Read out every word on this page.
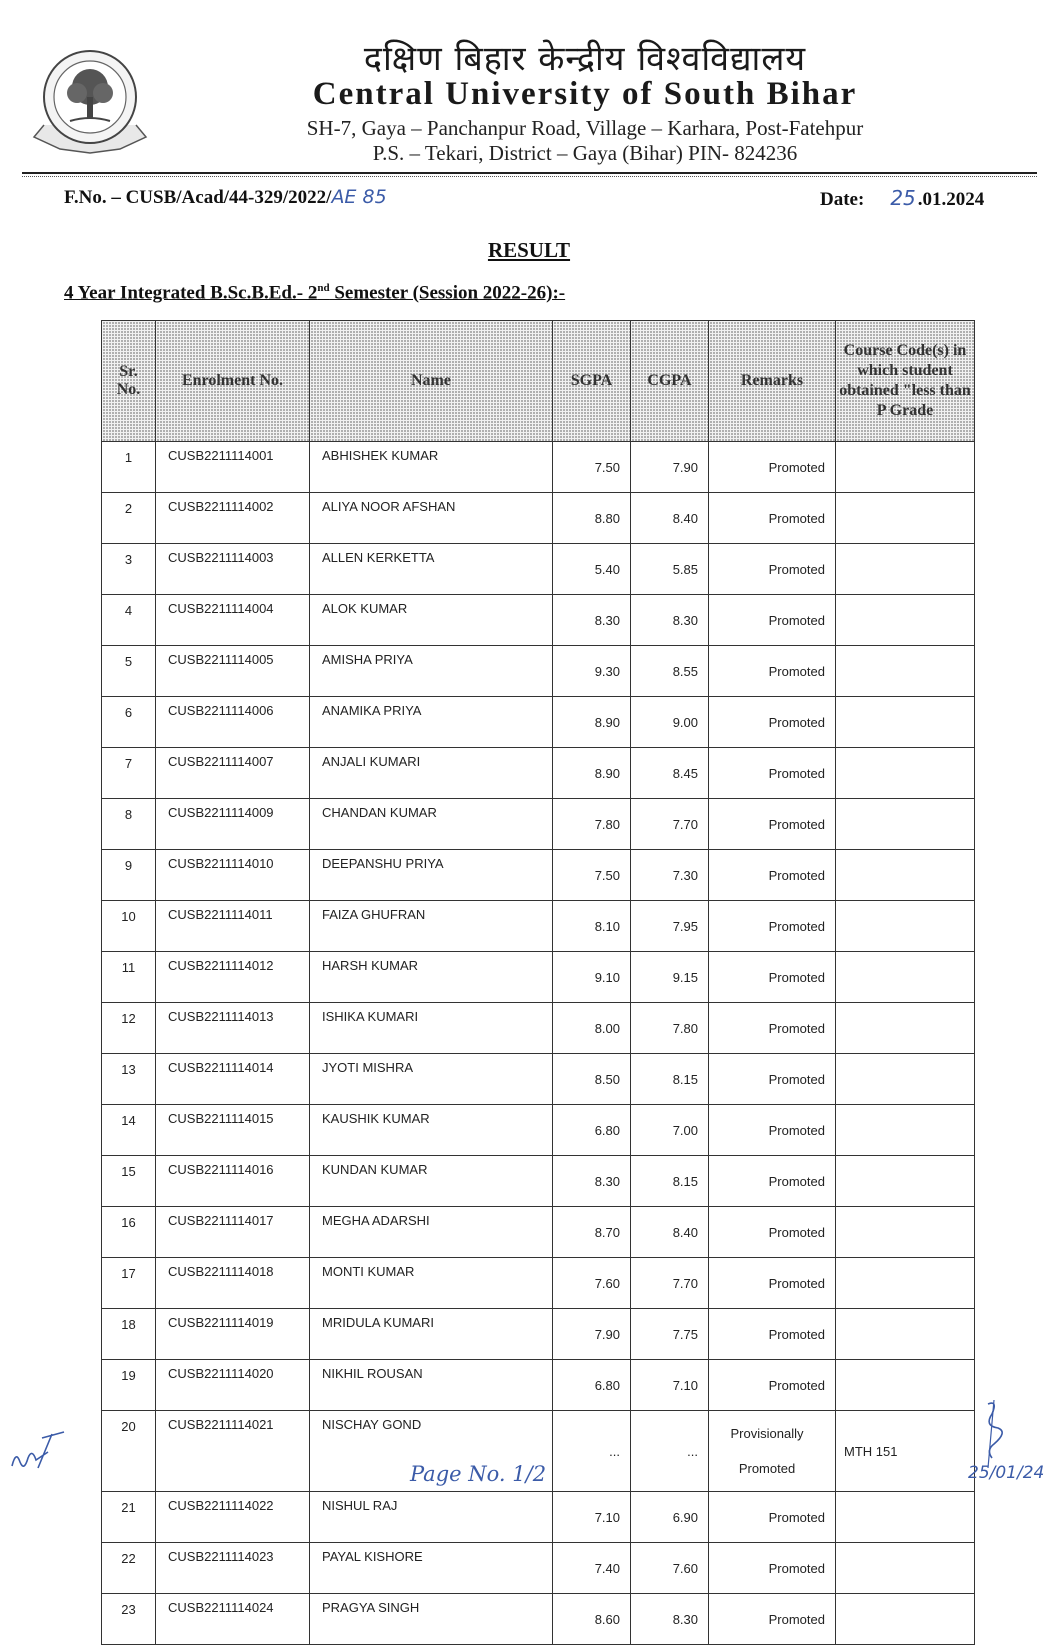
दक्षिण बिहार केन्द्रीय विश्वविद्यालय
Central University of South Bihar
SH-7, Gaya – Panchanpur Road, Village – Karhara, Post-Fatehpur
P.S. – Tekari, District – Gaya (Bihar) PIN- 824236
F.No. – CUSB/Acad/44-329/2022/AE 85	Date: 25 .01.2024
RESULT
4 Year Integrated B.Sc.B.Ed.- 2nd Semester (Session 2022-26):-
Sr.
No.	Enrolment No.	Name	SGPA	CGPA	Remarks	Course Code(s) in which student obtained "less than P Grade
1	CUSB2211114001	ABHISHEK KUMAR	7.50	7.90	Promoted	
2	CUSB2211114002	ALIYA NOOR AFSHAN	8.80	8.40	Promoted	
3	CUSB2211114003	ALLEN KERKETTA	5.40	5.85	Promoted	
4	CUSB2211114004	ALOK KUMAR	8.30	8.30	Promoted	
5	CUSB2211114005	AMISHA PRIYA	9.30	8.55	Promoted	
6	CUSB2211114006	ANAMIKA PRIYA	8.90	9.00	Promoted	
7	CUSB2211114007	ANJALI KUMARI	8.90	8.45	Promoted	
8	CUSB2211114009	CHANDAN KUMAR	7.80	7.70	Promoted	
9	CUSB2211114010	DEEPANSHU PRIYA	7.50	7.30	Promoted	
10	CUSB2211114011	FAIZA GHUFRAN	8.10	7.95	Promoted	
11	CUSB2211114012	HARSH KUMAR	9.10	9.15	Promoted	
12	CUSB2211114013	ISHIKA KUMARI	8.00	7.80	Promoted	
13	CUSB2211114014	JYOTI MISHRA	8.50	8.15	Promoted	
14	CUSB2211114015	KAUSHIK KUMAR	6.80	7.00	Promoted	
15	CUSB2211114016	KUNDAN KUMAR	8.30	8.15	Promoted	
16	CUSB2211114017	MEGHA ADARSHI	8.70	8.40	Promoted	
17	CUSB2211114018	MONTI KUMAR	7.60	7.70	Promoted	
18	CUSB2211114019	MRIDULA KUMARI	7.90	7.75	Promoted	
19	CUSB2211114020	NIKHIL ROUSAN	6.80	7.10	Promoted	
20	CUSB2211114021	NISCHAY GOND	...	...	Provisionally
Promoted	MTH 151
21	CUSB2211114022	NISHUL RAJ	7.10	6.90	Promoted	
22	CUSB2211114023	PAYAL KISHORE	7.40	7.60	Promoted	
23	CUSB2211114024	PRAGYA SINGH	8.60	8.30	Promoted	
Page No. 1/2	25/01/24
